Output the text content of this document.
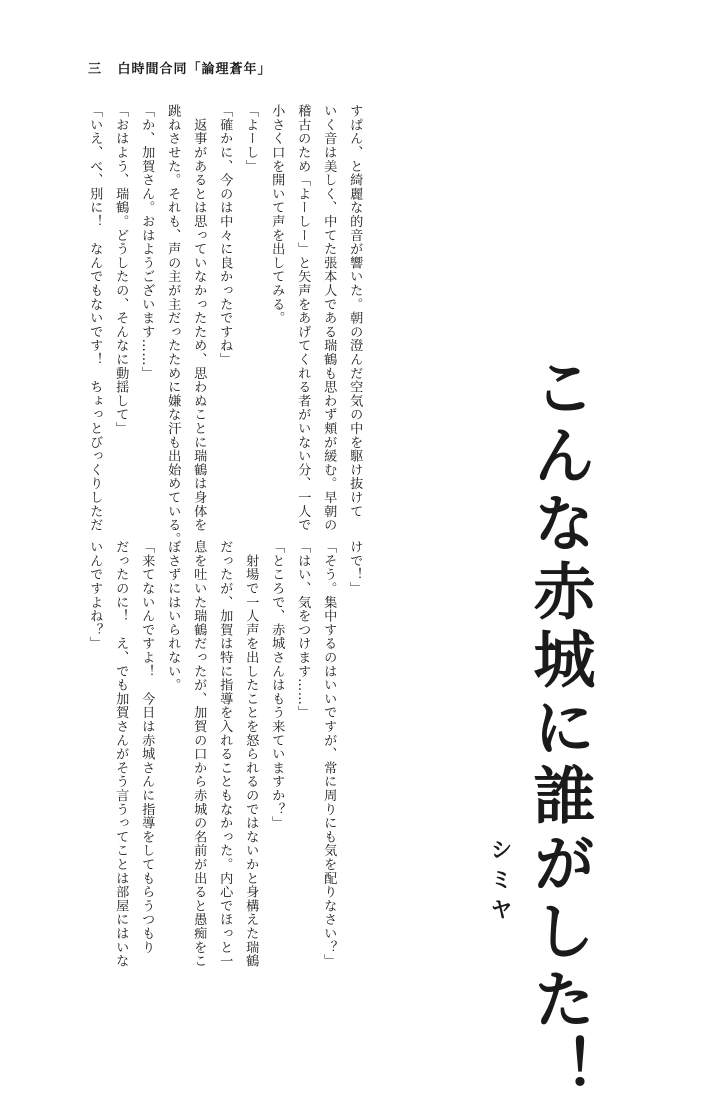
三 白時間合同「論理蒼年」
すぱん、と綺麗な的音が響いた。朝の澄んだ空気の中を駆け抜けて
いく音は美しく、中てた張本人である瑞鶴も思わず頬が緩む。早朝の
稽古のため「よーしー」と矢声をあげてくれる者がいない分、一人で
小さく口を開いて声を出してみる。
「よーし」
「確かに、今のは中々に良かったですね」
　返事があるとは思っていなかったため、思わぬことに瑞鶴は身体を
跳ねさせた。それも、声の主が主だったために嫌な汗も出始めている。
「か、加賀さん。おはようございます……」
「おはよう、瑞鶴。どうしたの、そんなに動揺して」
「いえ、べ、別に！　なんでもないです！　ちょっとびっくりしただ
けで！」
「そう。集中するのはいいですが、常に周りにも気を配りなさい？」
「はい、気をつけます……」
「ところで、赤城さんはもう来ていますか？」
　射場で一人声を出したことを怒られるのではないかと身構えた瑞鶴
だったが、加賀は特に指導を入れることもなかった。内心でほっと一
息を吐いた瑞鶴だったが、加賀の口から赤城の名前が出ると愚痴をこ
ぼさずにはいられない。
「来てないんですよ！　今日は赤城さんに指導をしてもらうつもり
だったのに！　え、でも加賀さんがそう言うってことは部屋にはいな
いんですよね？」	こんな赤城に誰がした！
シミヤ
